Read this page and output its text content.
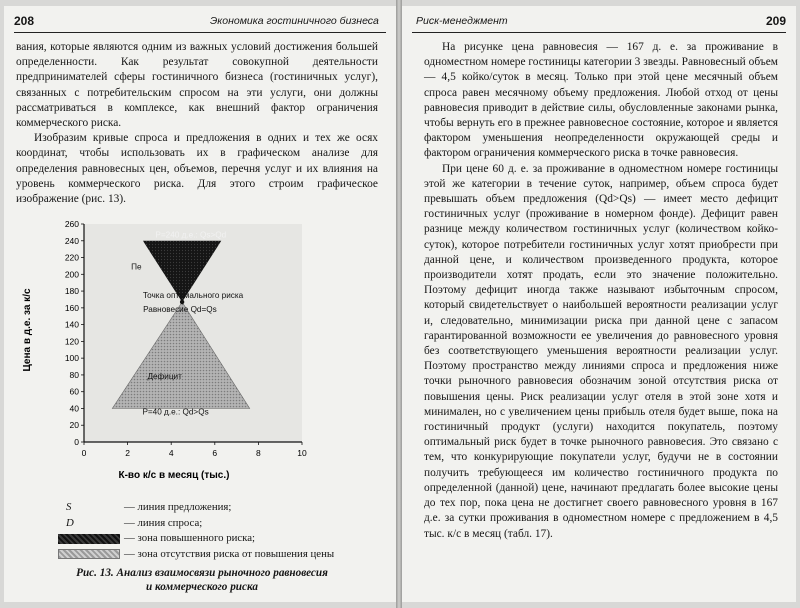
208	Экономика гостиничного бизнеса

вания, которые являются одним из важных условий достижения большей определенности. Как результат совокупной деятельности предпринимателей сферы гостиничного бизнеса (гостиничных услуг), связанных с потребительским спросом на эти услуги, они должны рассматриваться в комплексе, как внешний фактор ограничения коммерческого риска.

Изобразим кривые спроса и предложения в одних и тех же осях координат, чтобы использовать их в графическом анализе для определения равновесных цен, объемов, перечня услуг и их влияния на уровень коммерческого риска. Для этого строим графическое изображение (рис. 13).

0
20
40
60
80
100
120
140
160
180
200
220
240
260
0	2	4	6	8	10
P=240 д.е.: Qs>Qd
Пе
Точка оптимального риска
Равновесие Qd=Qs
Дефицит
P=40 д.е.: Qd>Qs
Цена в д.е. за к/с
К-во к/с в месяц (тыс.)
S	— линия предложения;
D	— линия спроса;
— зона повышенного риска;
— зона отсутствия риска от повышения цены
Рис. 13. Анализ взаимосвязи рыночного равновесия
и коммерческого риска
Риск-менеджмент	209

На рисунке цена равновесия — 167 д. е. за проживание в одноместном номере гостиницы категории 3 звезды. Равновесный объем — 4,5 койко/суток в месяц. Только при этой цене месячный объем спроса равен месячному объему предложения. Любой отход от цены равновесия приводит в действие силы, обусловленные законами рынка, чтобы вернуть его в прежнее равновесное состояние, которое и является фактором уменьшения неопределенности окружающей среды и фактором ограничения коммерческого риска в точке равновесия.

При цене 60 д. е. за проживание в одноместном номере гостиницы этой же категории в течение суток, например, объем спроса будет превышать объем предложения (Qd>Qs) — имеет место дефицит гостиничных услуг (проживание в номерном фонде). Дефицит равен разнице между количеством гостиничных услуг (количеством койко-суток), которое потребители гостиничных услуг хотят приобрести при данной цене, и количеством произведенного продукта, которое производители хотят продать, если это значение положительно. Поэтому дефицит иногда также называют избыточным спросом, который свидетельствует о наибольшей вероятности реализации услуг и, следовательно, минимизации риска при данной цене с запасом гарантированной возможности ее увеличения до равновесного уровня без соответствующего уменьшения вероятности реализации услуг. Поэтому пространство между линиями спроса и предложения ниже точки рыночного равновесия обозначим зоной отсутствия риска от повышения цены. Риск реализации услуг отеля в этой зоне хотя и минимален, но с увеличением цены прибыль отеля будет выше, пока на гостиничный продукт (услуги) находится покупатель, поэтому оптимальный риск будет в точке рыночного равновесия. Это связано с тем, что конкурирующие покупатели услуг, будучи не в состоянии получить требующееся им количество гостиничного продукта по определенной (данной) цене, начинают предлагать более высокие цены до тех пор, пока цена не достигнет своего равновесного уровня в 167 д.е. за сутки проживания в одноместном номере с предложением в 4,5 тыс. к/с в месяц (табл. 17).
